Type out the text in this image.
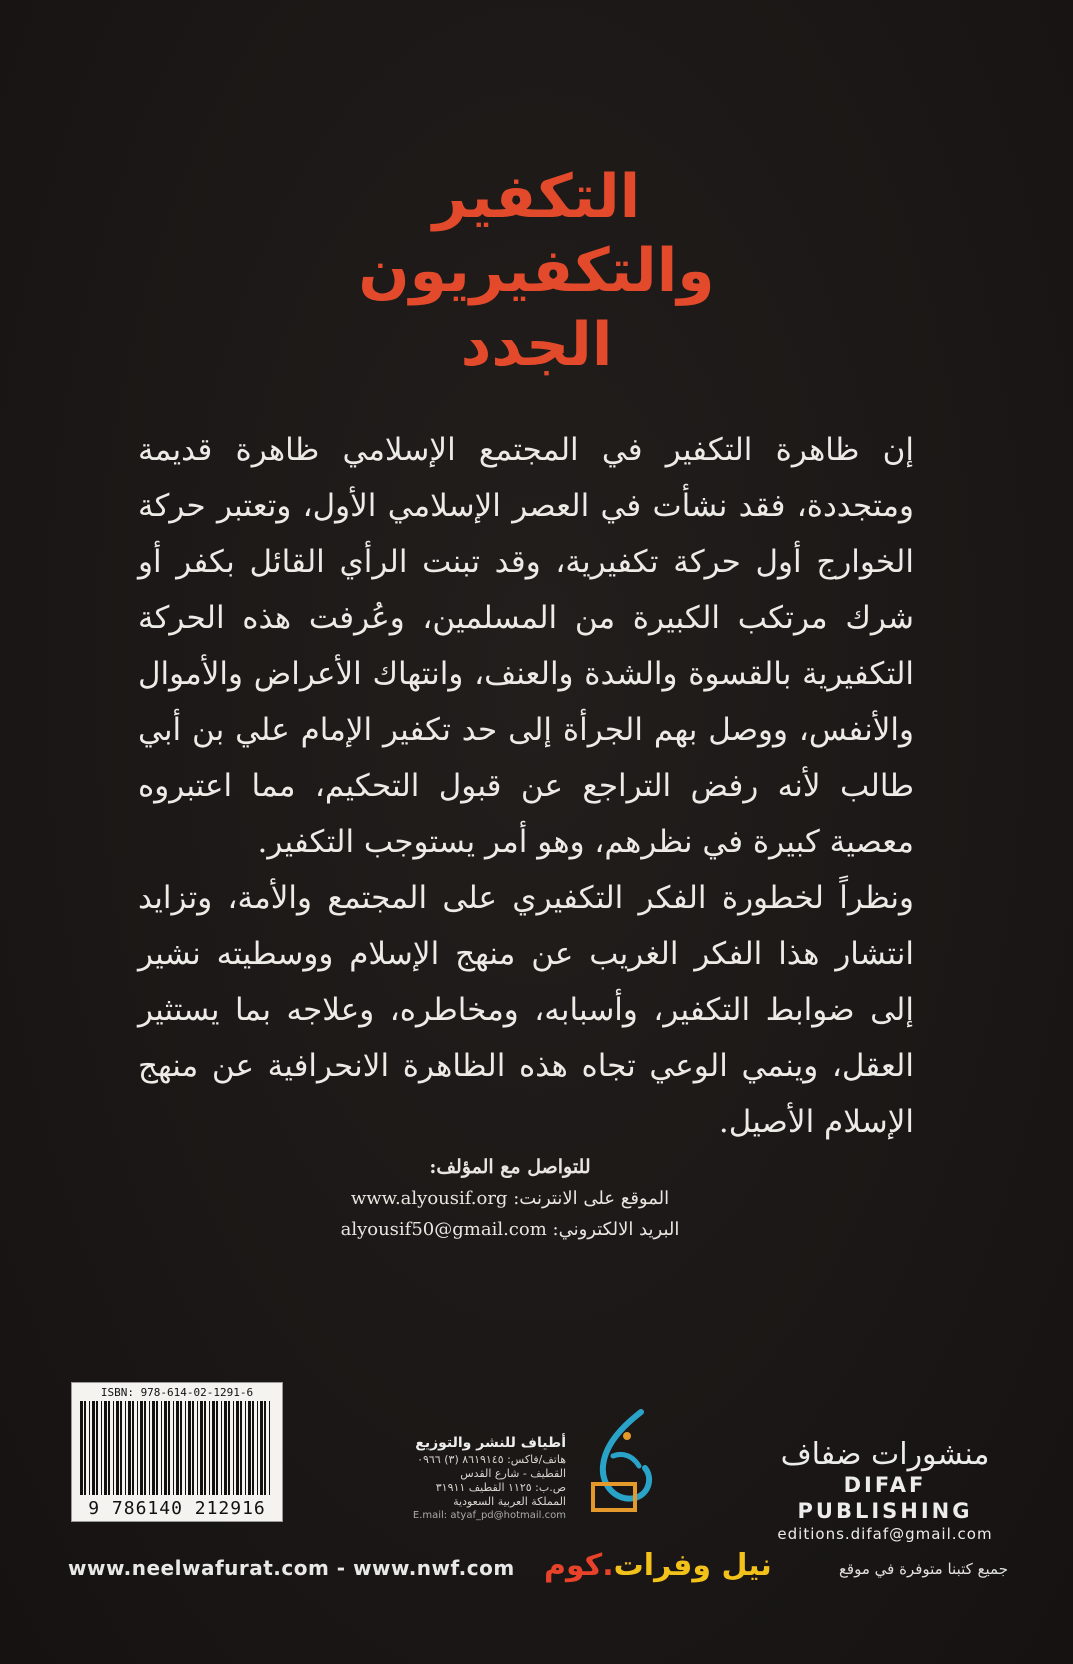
التكفير
والتكفيريون
الجدد

إن ظاهرة التكفير في المجتمع الإسلامي ظاهرة قديمة ومتجددة، فقد نشأت في العصر الإسلامي الأول، وتعتبر حركة الخوارج أول حركة تكفيرية، وقد تبنت الرأي القائل بكفر أو شرك مرتكب الكبيرة من المسلمين، وعُرفت هذه الحركة التكفيرية بالقسوة والشدة والعنف، وانتهاك الأعراض والأموال والأنفس، ووصل بهم الجرأة إلى حد تكفير الإمام علي بن أبي طالب لأنه رفض التراجع عن قبول التحكيم، مما اعتبروه معصية كبيرة في نظرهم، وهو أمر يستوجب التكفير.

ونظراً لخطورة الفكر التكفيري على المجتمع والأمة، وتزايد انتشار هذا الفكر الغريب عن منهج الإسلام ووسطيته نشير إلى ضوابط التكفير، وأسبابه، ومخاطره، وعلاجه بما يستثير العقل، وينمي الوعي تجاه هذه الظاهرة الانحرافية عن منهج الإسلام الأصيل.

للتواصل مع المؤلف:
الموقع على الانترنت: www.alyousif.org
البريد الالكتروني: alyousif50@gmail.com
ISBN: 978-614-02-1291-6
9 786140 212916
أطياف للنشر والتوزيع
هاتف/فاكس: ٨٦١٩١٤٥ (٣) ٠٩٦٦
القطيف - شارع القدس
ص.ب: ١١٢٥ القطيف ٣١٩١١
المملكة العربية السعودية
E.mail: atyaf_pd@hotmail.com
منشورات ضفاف
DIFAF PUBLISHING
editions.difaf@gmail.com
www.neelwafurat.com - www.nwf.com	نيل وفرات.كوم	جميع كتبنا متوفرة في موقع
